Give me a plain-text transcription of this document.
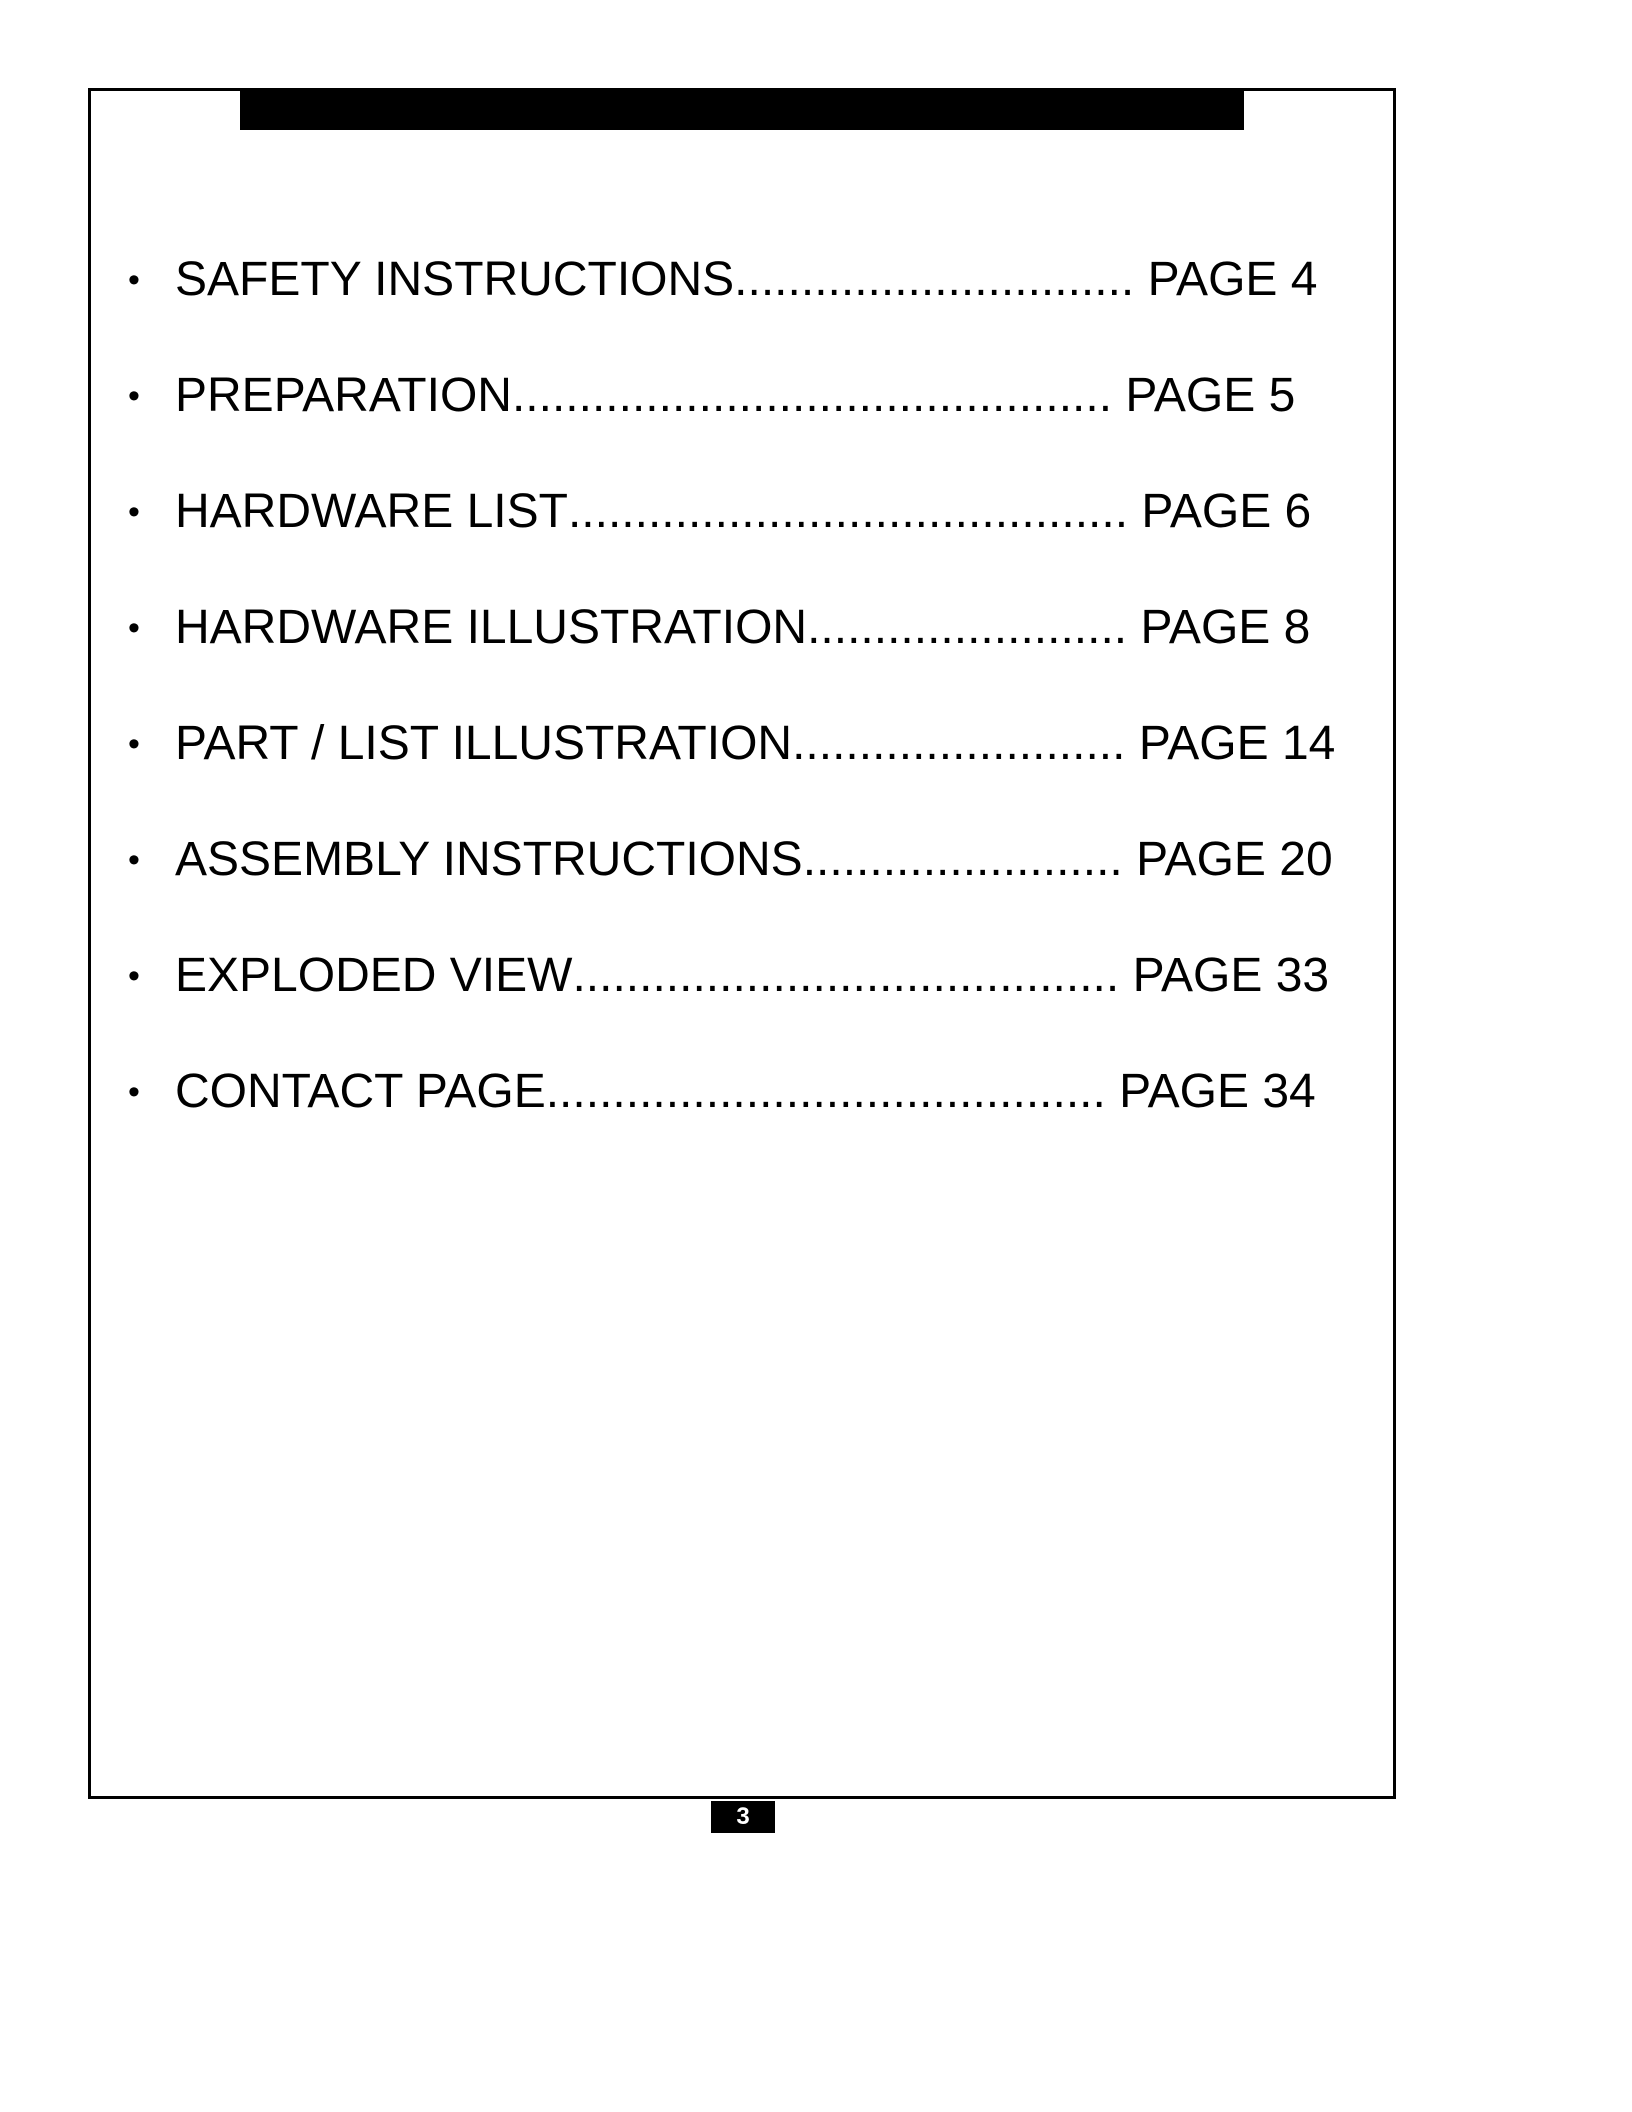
• SAFETY INSTRUCTIONS ..............................
PAGE 4
• PREPARATION .............................................
PAGE 5
• HARDWARE LIST ..........................................
PAGE 6
• HARDWARE ILLUSTRATION ........................
PAGE 8
• PART / LIST ILLUSTRATION .........................
PAGE 14
• ASSEMBLY INSTRUCTIONS ........................
PAGE 20
• EXPLODED VIEW .........................................
PAGE 33
• CONTACT PAGE ..........................................
PAGE 34
3
